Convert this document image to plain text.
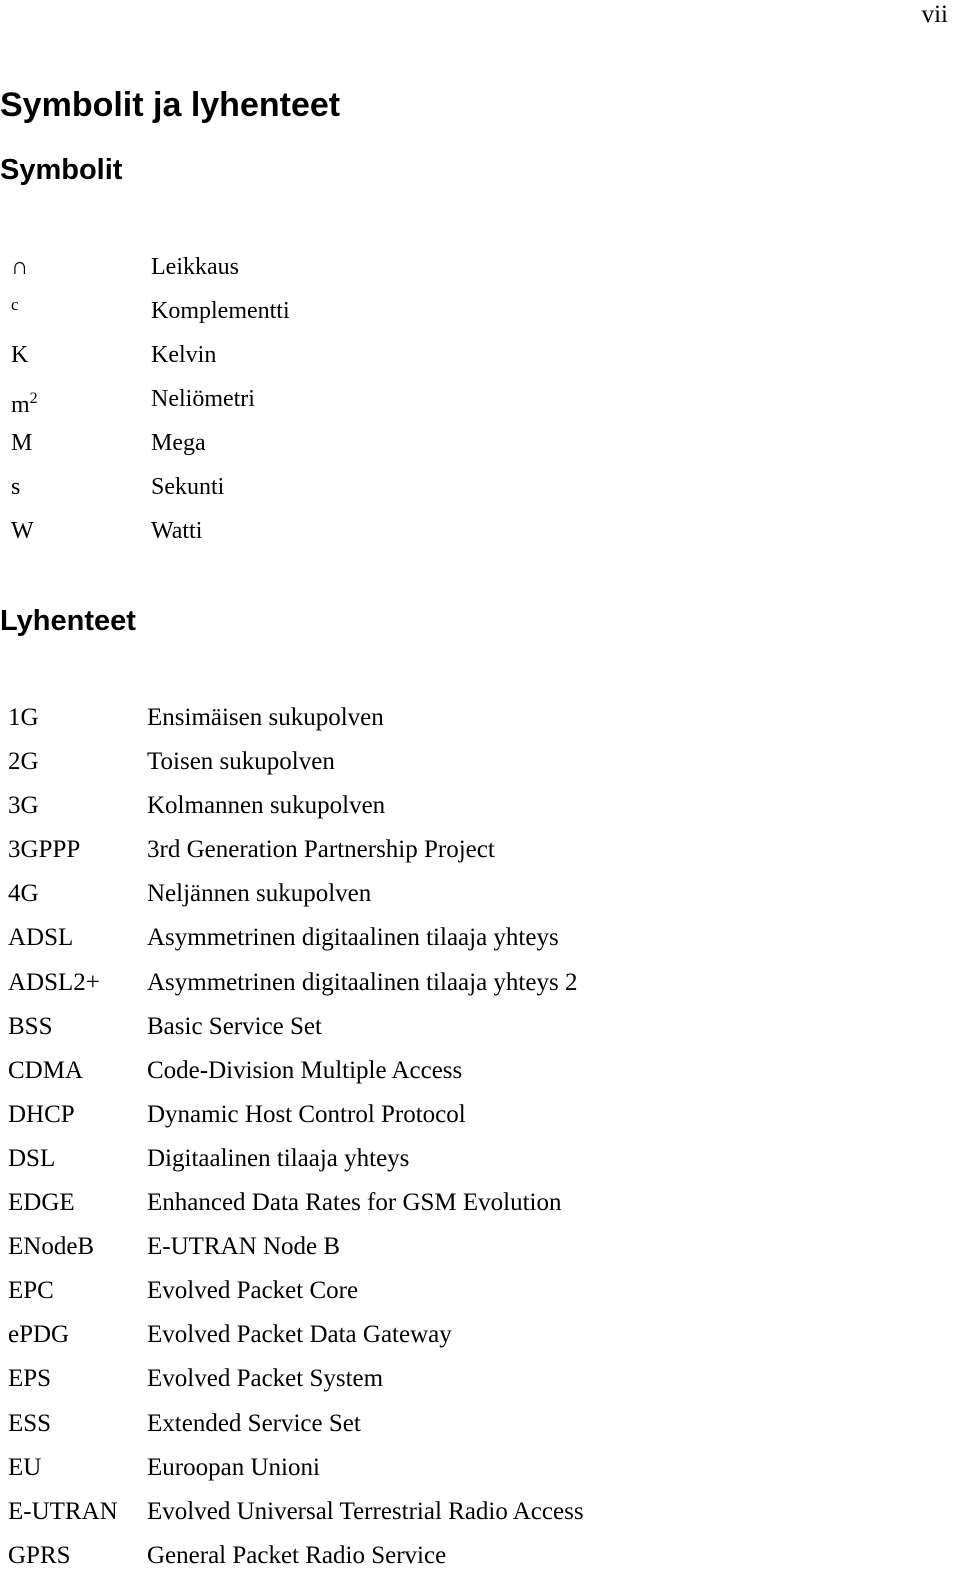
vii
Symbolit ja lyhenteet
Symbolit
∩	Leikkaus
c	Komplementti
K	Kelvin
$m^2$	Neliömetri
M	Mega
s	Sekunti
W	Watti
Lyhenteet
1G	Ensimäisen sukupolven
2G	Toisen sukupolven
3G	Kolmannen sukupolven
3GPPP	3rd Generation Partnership Project
4G	Neljännen sukupolven
ADSL	Asymmetrinen digitaalinen tilaaja yhteys
ADSL2+ Asymmetrinen digitaalinen tilaaja yhteys 2
BSS	Basic Service Set
CDMA	Code-Division Multiple Access
DHCP	Dynamic Host Control Protocol
DSL	Digitaalinen tilaaja yhteys
EDGE	Enhanced Data Rates for GSM Evolution
ENodeB E-UTRAN Node B
EPC	Evolved Packet Core
ePDG	Evolved Packet Data Gateway
EPS	Evolved Packet System
ESS	Extended Service Set
EU	Euroopan Unioni
E-UTRAN Evolved Universal Terrestrial Radio Access
GPRS	General Packet Radio Service
